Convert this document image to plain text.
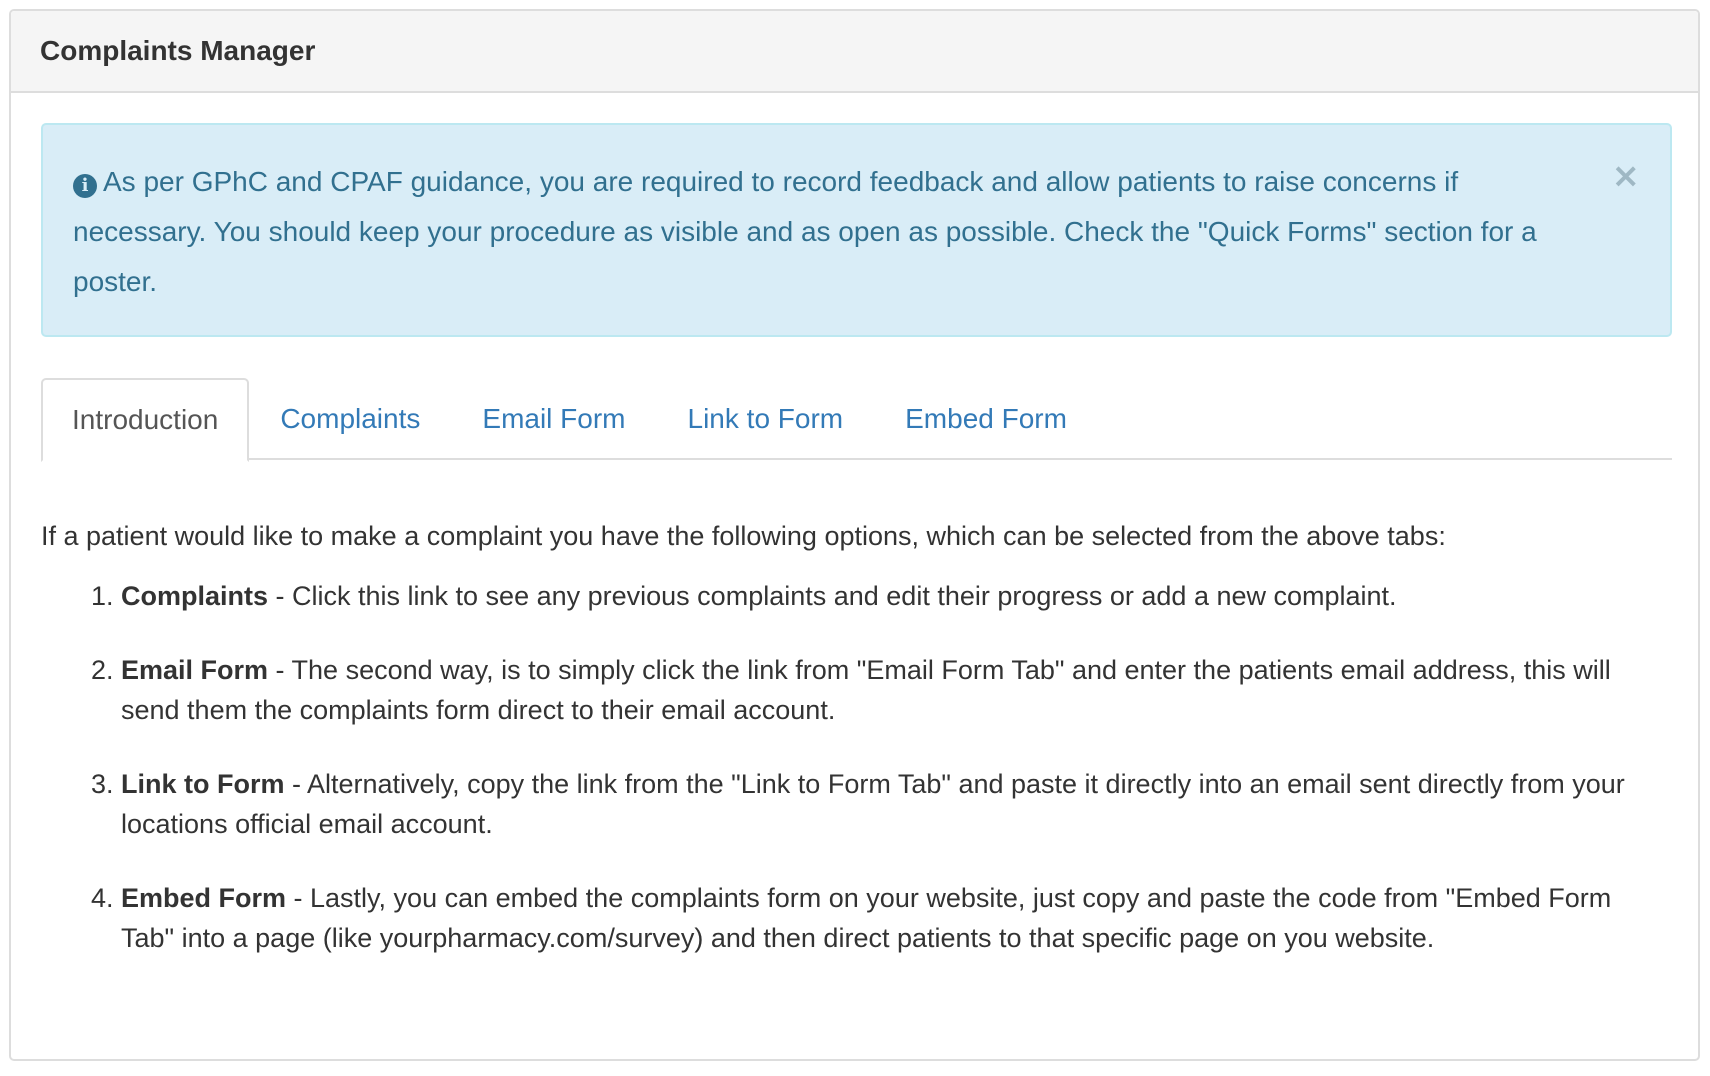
Complaints Manager
i As per GPhC and CPAF guidance, you are required to record feedback and allow patients to raise concerns if necessary. You should keep your procedure as visible and as open as possible. Check the "Quick Forms" section for a poster.
×
Introduction	Complaints	Email Form	Link to Form	Embed Form

If a patient would like to make a complaint you have the following options, which can be selected from the above tabs:

1. Complaints - Click this link to see any previous complaints and edit their progress or add a new complaint.
2. Email Form - The second way, is to simply click the link from "Email Form Tab" and enter the patients email address, this will send them the complaints form direct to their email account.
3. Link to Form - Alternatively, copy the link from the "Link to Form Tab" and paste it directly into an email sent directly from your locations official email account.
4. Embed Form - Lastly, you can embed the complaints form on your website, just copy and paste the code from "Embed Form Tab" into a page (like yourpharmacy.com/survey) and then direct patients to that specific page on you website.
